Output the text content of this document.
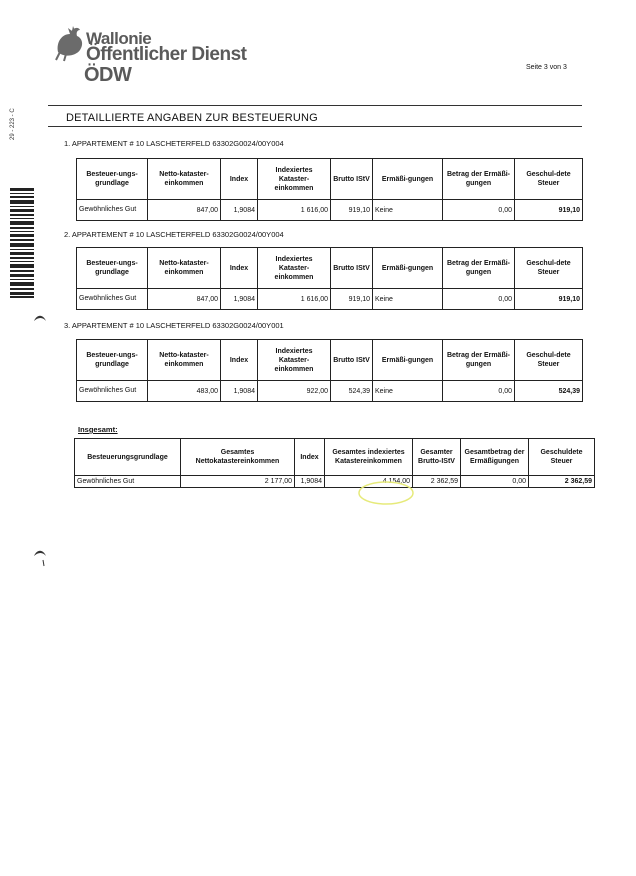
Wallonie
Öffentlicher Dienst
ÖDW	Seite 3 von 3
DETAILLIERTE ANGABEN ZUR BESTEUERUNG
1. APPARTEMENT # 10 LASCHETERFELD 63302G0024/00Y004
Besteuer-ungs-grundlage	Netto-kataster-einkommen	Index	Indexiertes Kataster-einkommen	Brutto IStV	Ermäßi-gungen	Betrag der Ermäßi-gungen	Geschul-dete Steuer
Gewöhnliches Gut	847,00	1,9084	1 616,00	919,10	Keine	0,00	919,10
2. APPARTEMENT # 10 LASCHETERFELD 63302G0024/00Y004
Besteuer-ungs-grundlage	Netto-kataster-einkommen	Index	Indexiertes Kataster-einkommen	Brutto IStV	Ermäßi-gungen	Betrag der Ermäßi-gungen	Geschul-dete Steuer
Gewöhnliches Gut	847,00	1,9084	1 616,00	919,10	Keine	0,00	919,10
3. APPARTEMENT # 10 LASCHETERFELD 63302G0024/00Y001
Besteuer-ungs-grundlage	Netto-kataster-einkommen	Index	Indexiertes Kataster-einkommen	Brutto IStV	Ermäßi-gungen	Betrag der Ermäßi-gungen	Geschul-dete Steuer
Gewöhnliches Gut	483,00	1,9084	922,00	524,39	Keine	0,00	524,39
Insgesamt:
Besteuerungsgrundlage	Gesamtes Nettokatastereinkommen	Index	Gesamtes indexiertes Katastereinkommen	Gesamter Brutto-IStV	Gesamtbetrag der Ermäßigungen	Geschuldete Steuer
Gewöhnliches Gut	2 177,00	1,9084	4 154,00	2 362,59	0,00	2 362,59
29 - 223 - C
